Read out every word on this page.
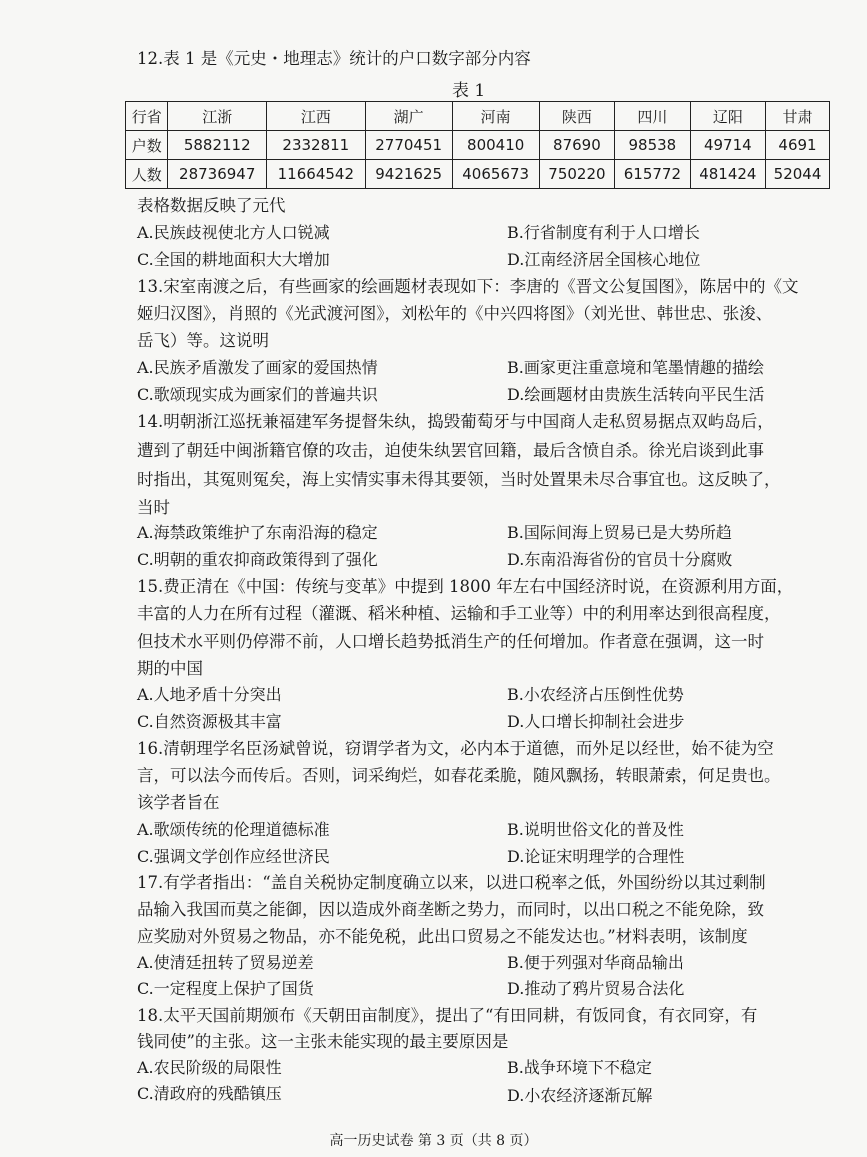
12.表 1 是《元史・地理志》统计的户口数字部分内容
表 1
行省	江浙	江西	湖广	河南	陕西	四川	辽阳	甘肃
户数	5882112	2332811	2770451	800410	87690	98538	49714	4691
人数	28736947	11664542	9421625	4065673	750220	615772	481424	52044
表格数据反映了元代
A.民族歧视使北方人口锐减	B.行省制度有利于人口增长
C.全国的耕地面积大大增加	D.江南经济居全国核心地位
13.宋室南渡之后，有些画家的绘画题材表现如下：李唐的《晋文公复国图》，陈居中的《文
姬归汉图》，肖照的《光武渡河图》，刘松年的《中兴四将图》（刘光世、韩世忠、张浚、
岳飞）等。这说明
A.民族矛盾激发了画家的爱国热情	B.画家更注重意境和笔墨情趣的描绘
C.歌颂现实成为画家们的普遍共识	D.绘画题材由贵族生活转向平民生活
14.明朝浙江巡抚兼福建军务提督朱纨，捣毁葡萄牙与中国商人走私贸易据点双屿岛后，
遭到了朝廷中闽浙籍官僚的攻击，迫使朱纨罢官回籍，最后含愤自杀。徐光启谈到此事
时指出，其冤则冤矣，海上实情实事未得其要领，当时处置果未尽合事宜也。这反映了，
当时
A.海禁政策维护了东南沿海的稳定	B.国际间海上贸易已是大势所趋
C.明朝的重农抑商政策得到了强化	D.东南沿海省份的官员十分腐败
15.费正清在《中国：传统与变革》中提到 1800 年左右中国经济时说，在资源利用方面，
丰富的人力在所有过程（灌溉、稻米种植、运输和手工业等）中的利用率达到很高程度，
但技术水平则仍停滞不前，人口增长趋势抵消生产的任何增加。作者意在强调，这一时
期的中国
A.人地矛盾十分突出	B.小农经济占压倒性优势
C.自然资源极其丰富	D.人口增长抑制社会进步
16.清朝理学名臣汤斌曾说，窃谓学者为文，必内本于道德，而外足以经世，始不徒为空
言，可以法今而传后。否则，词采绚烂，如春花柔脆，随风飘扬，转眼萧索，何足贵也。
该学者旨在
A.歌颂传统的伦理道德标准	B.说明世俗文化的普及性
C.强调文学创作应经世济民	D.论证宋明理学的合理性
17.有学者指出：“盖自关税协定制度确立以来，以进口税率之低，外国纷纷以其过剩制
品输入我国而莫之能御，因以造成外商垄断之势力，而同时，以出口税之不能免除，致
应奖励对外贸易之物品，亦不能免税，此出口贸易之不能发达也。”材料表明，该制度
A.使清廷扭转了贸易逆差	B.便于列强对华商品输出
C.一定程度上保护了国货	D.推动了鸦片贸易合法化
18.太平天国前期颁布《天朝田亩制度》，提出了“有田同耕，有饭同食，有衣同穿，有
钱同使”的主张。这一主张未能实现的最主要原因是
A.农民阶级的局限性	B.战争环境下不稳定
C.清政府的残酷镇压	D.小农经济逐渐瓦解
高一历史试卷 第 3 页（共 8 页）
